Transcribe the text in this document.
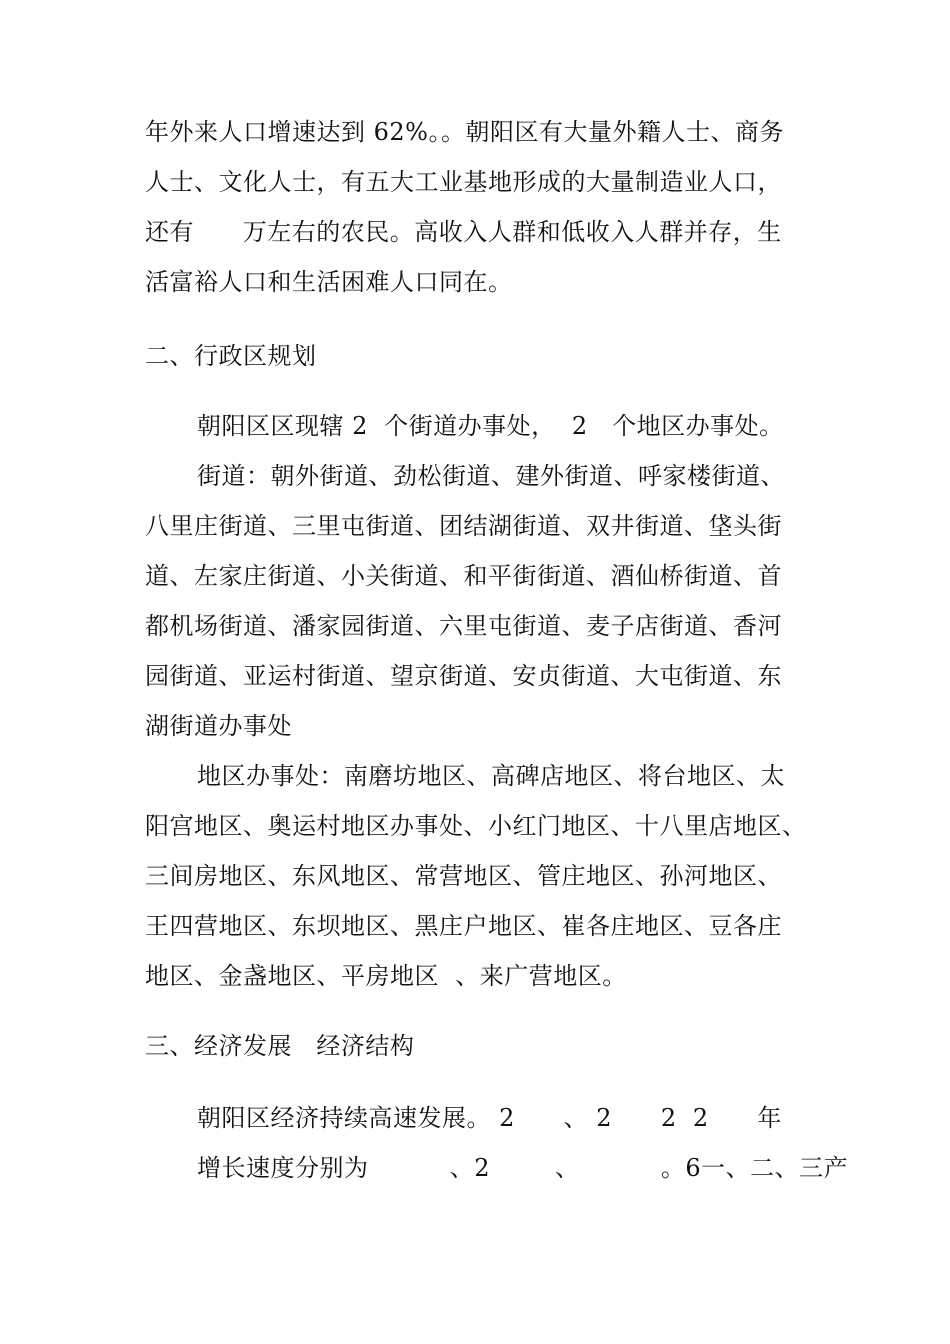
年外来人口增速达到 62%。。朝阳区有大量外籍人士、商务
人士、文化人士，有五大工业基地形成的大量制造业人口，
还有      万左右的农民。高收入人群和低收入人群并存，生
活富裕人口和生活困难人口同在。
二、行政区规划
朝阳区区现辖 2  个街道办事处，  2   个地区办事处。
街道：朝外街道、劲松街道、建外街道、呼家楼街道、
八里庄街道、三里屯街道、团结湖街道、双井街道、垡头街
道、左家庄街道、小关街道、和平街街道、酒仙桥街道、首
都机场街道、潘家园街道、六里屯街道、麦子店街道、香河
园街道、亚运村街道、望京街道、安贞街道、大屯街道、东
湖街道办事处
地区办事处：南磨坊地区、高碑店地区、将台地区、太
阳宫地区、奥运村地区办事处、小红门地区、十八里店地区、
三间房地区、东风地区、常营地区、管庄地区、孙河地区、
王四营地区、东坝地区、黑庄户地区、崔各庄地区、豆各庄
地区、金盏地区、平房地区  、来广营地区。
三、经济发展   经济结构
朝阳区经济持续高速发展。 2      、 2      2  2      年
增长速度分别为          、2        、          。6一、二、三产
